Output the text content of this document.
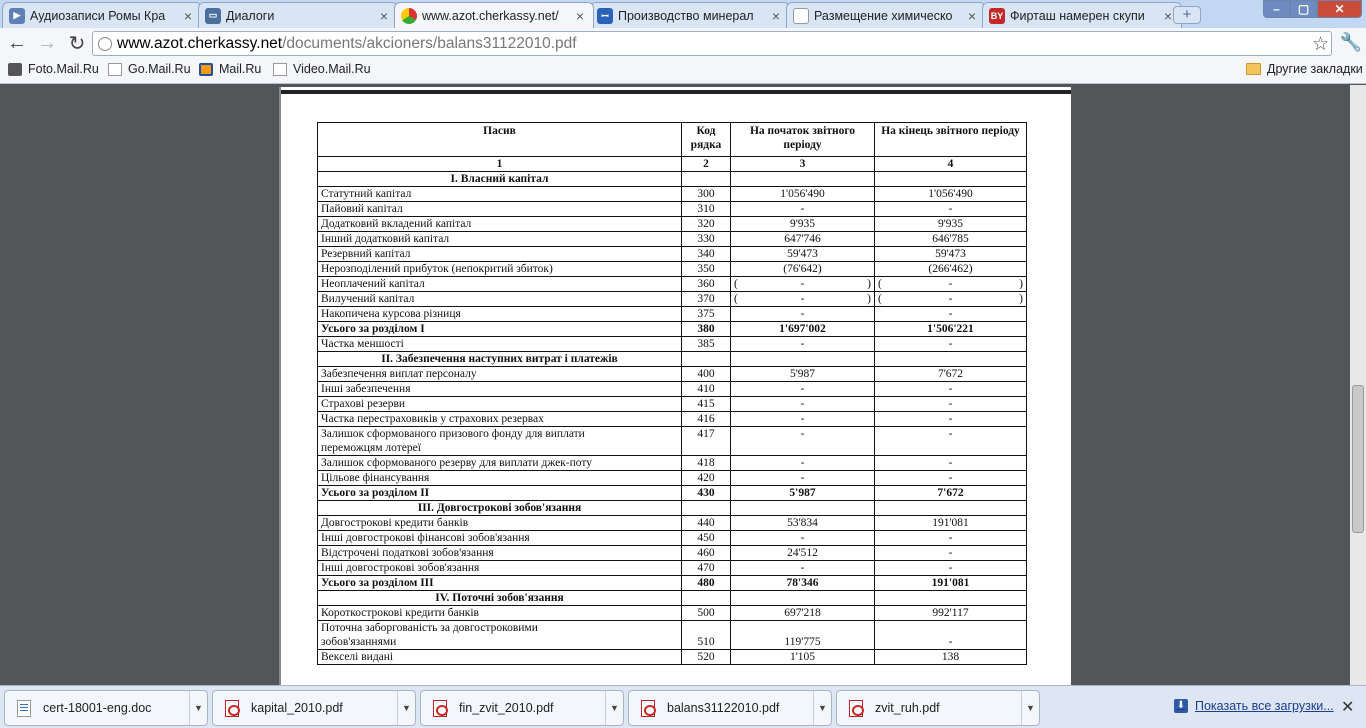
▶ Аудиозаписи Ромы Кра	×	▭ Диалоги	×	www.azot.cherkassy.net/	×	ꟷ Производство минерал	×	Размещение химическо	×	BY Фирташ намерен скупи	× +	–	▢	✕
← → ↻ www.azot.cherkassy.net/documents/akcioners/balans31122010.pdf	☆ 🔧
Foto.Mail.Ru Go.Mail.Ru Mail.Ru	Video.Mail.Ru	Другие закладки
Пасив	Код рядка	На початок звітного періоду	На кінець звітного періоду
1	2	3	4
I. Власний капітал			
Статутний капітал	300	1'056'490	1'056'490
Пайовий капітал	310	-	-
Додатковий вкладений капітал	320	9'935	9'935
Інший додатковий капітал	330	647'746	646'785
Резервний капітал	340	59'473	59'473
Нерозподілений прибуток (непокритий збиток)	350	(76'642)	(266'462)
Неоплачений капітал	360	( - )	( - )

Вилучений капітал	370	( - )	( - )

Накопичена курсова різниця	375	-	-
Усього за розділом I	380	1'697'002	1'506'221
Частка меншості	385	-	-
II. Забезпечення наступних витрат і платежів			
Забезпечення виплат персоналу	400	5'987	7'672
Інші забезпечення	410	-	-
Страхові резерви	415	-	-
Частка перестраховиків у страхових резервах	416	-	-

Залишок сформованого призового фонду для виплати
переможцям лотереї	417	-	-
Залишок сформованого резерву для виплати джек-поту	418	-	-
Цільове фінансування	420	-	-
Усього за розділом II	430	5'987	7'672
III. Довгострокові зобов'язання			
Довгострокові кредити банків	440	53'834	191'081
Інші довгострокові фінансові зобов'язання	450	-	-
Відстрочені податкові зобов'язання	460	24'512	-
Інші довгострокові зобов'язання	470	-	-
Усього за розділом III	480	78'346	191'081
IV. Поточні зобов'язання			
Короткострокові кредити банків	500	697'218	992'117

Поточна заборгованість за довгостроковими
зобов'язаннями	510	119'775	-
Векселі видані	520	1'105	138
cert-18001-eng.doc	▼	kapital_2010.pdf	▼	fin_zvit_2010.pdf	▼	balans31122010.pdf	▼	zvit_ruh.pdf	▼	⬇ Показать все загрузки... ✕
